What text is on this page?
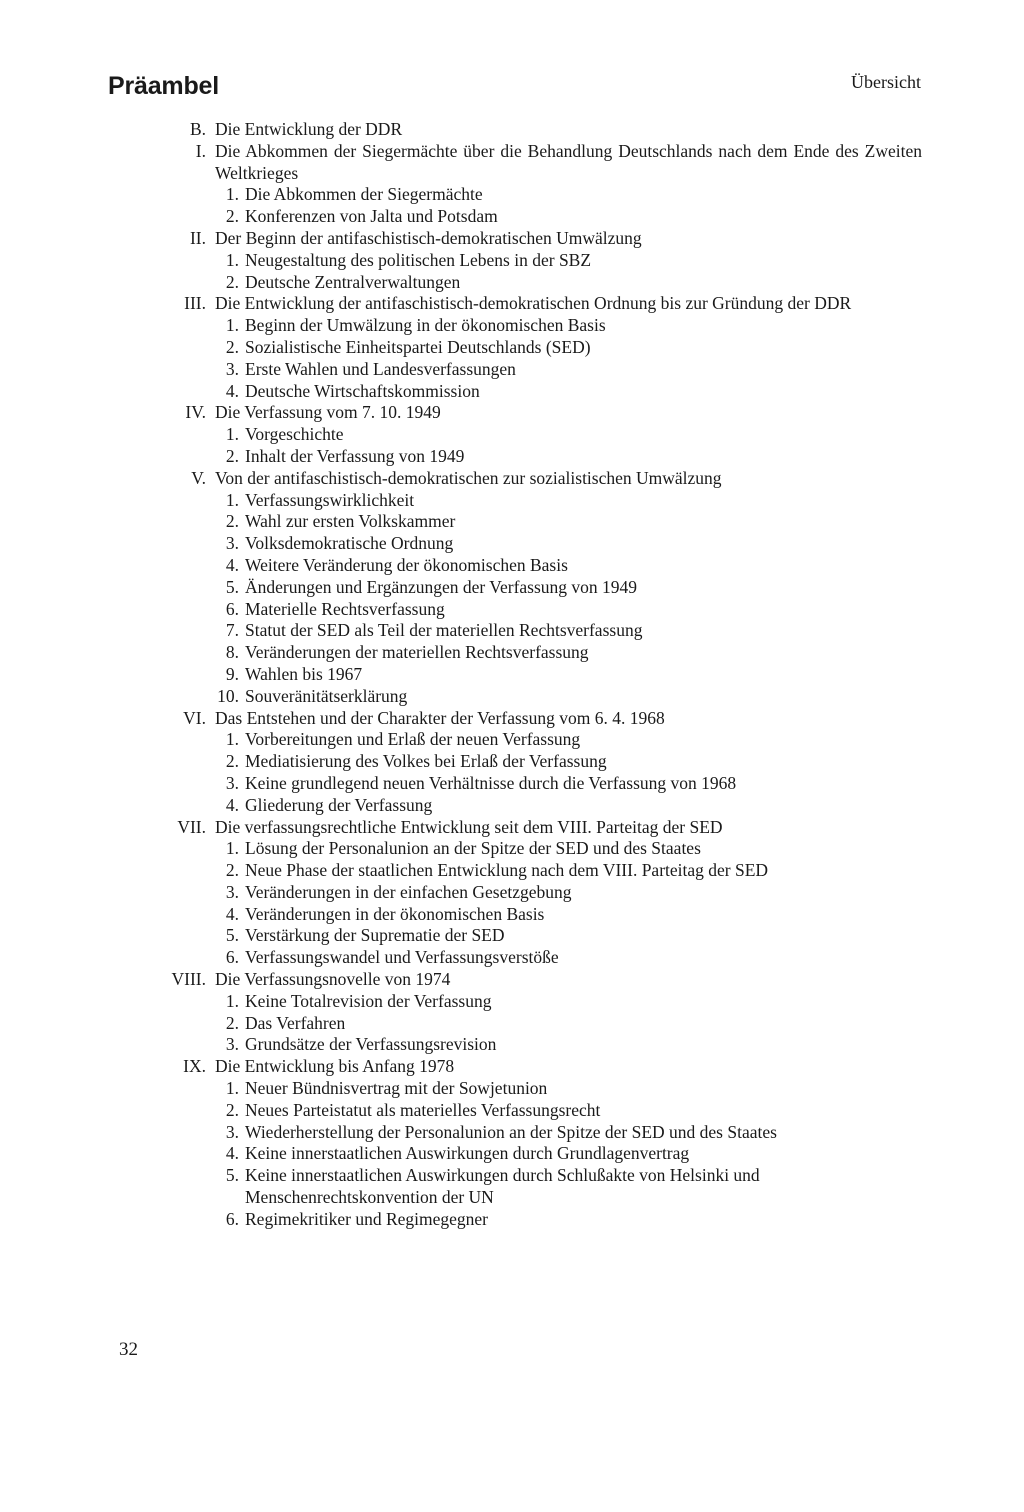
Präambel	Übersicht
B. Die Entwicklung der DDR
I. Die Abkommen der Siegermächte über die Behandlung Deutschlands nach dem Ende des Zweiten Weltkrieges
1. Die Abkommen der Siegermächte
2. Konferenzen von Jalta und Potsdam
II. Der Beginn der antifaschistisch-demokratischen Umwälzung
1. Neugestaltung des politischen Lebens in der SBZ
2. Deutsche Zentralverwaltungen
III. Die Entwicklung der antifaschistisch-demokratischen Ordnung bis zur Gründung der DDR
1. Beginn der Umwälzung in der ökonomischen Basis
2. Sozialistische Einheitspartei Deutschlands (SED)
3. Erste Wahlen und Landesverfassungen
4. Deutsche Wirtschaftskommission
IV. Die Verfassung vom 7. 10. 1949
1. Vorgeschichte
2. Inhalt der Verfassung von 1949
V. Von der antifaschistisch-demokratischen zur sozialistischen Umwälzung
1. Verfassungswirklichkeit
2. Wahl zur ersten Volkskammer
3. Volksdemokratische Ordnung
4. Weitere Veränderung der ökonomischen Basis
5. Änderungen und Ergänzungen der Verfassung von 1949
6. Materielle Rechtsverfassung
7. Statut der SED als Teil der materiellen Rechtsverfassung
8. Veränderungen der materiellen Rechtsverfassung
9. Wahlen bis 1967
10. Souveränitätserklärung
VI. Das Entstehen und der Charakter der Verfassung vom 6. 4. 1968
1. Vorbereitungen und Erlaß der neuen Verfassung
2. Mediatisierung des Volkes bei Erlaß der Verfassung
3. Keine grundlegend neuen Verhältnisse durch die Verfassung von 1968
4. Gliederung der Verfassung
VII. Die verfassungsrechtliche Entwicklung seit dem VIII. Parteitag der SED
1. Lösung der Personalunion an der Spitze der SED und des Staates
2. Neue Phase der staatlichen Entwicklung nach dem VIII. Parteitag der SED
3. Veränderungen in der einfachen Gesetzgebung
4. Veränderungen in der ökonomischen Basis
5. Verstärkung der Suprematie der SED
6. Verfassungswandel und Verfassungsverstöße
VIII. Die Verfassungsnovelle von 1974
1. Keine Totalrevision der Verfassung
2. Das Verfahren
3. Grundsätze der Verfassungsrevision
IX. Die Entwicklung bis Anfang 1978
1. Neuer Bündnisvertrag mit der Sowjetunion
2. Neues Parteistatut als materielles Verfassungsrecht
3. Wiederherstellung der Personalunion an der Spitze der SED und des Staates
4. Keine innerstaatlichen Auswirkungen durch Grundlagenvertrag
5. Keine innerstaatlichen Auswirkungen durch Schlußakte von Helsinki und Menschenrechtskonvention der UN
6. Regimekritiker und Regimegegner
32
